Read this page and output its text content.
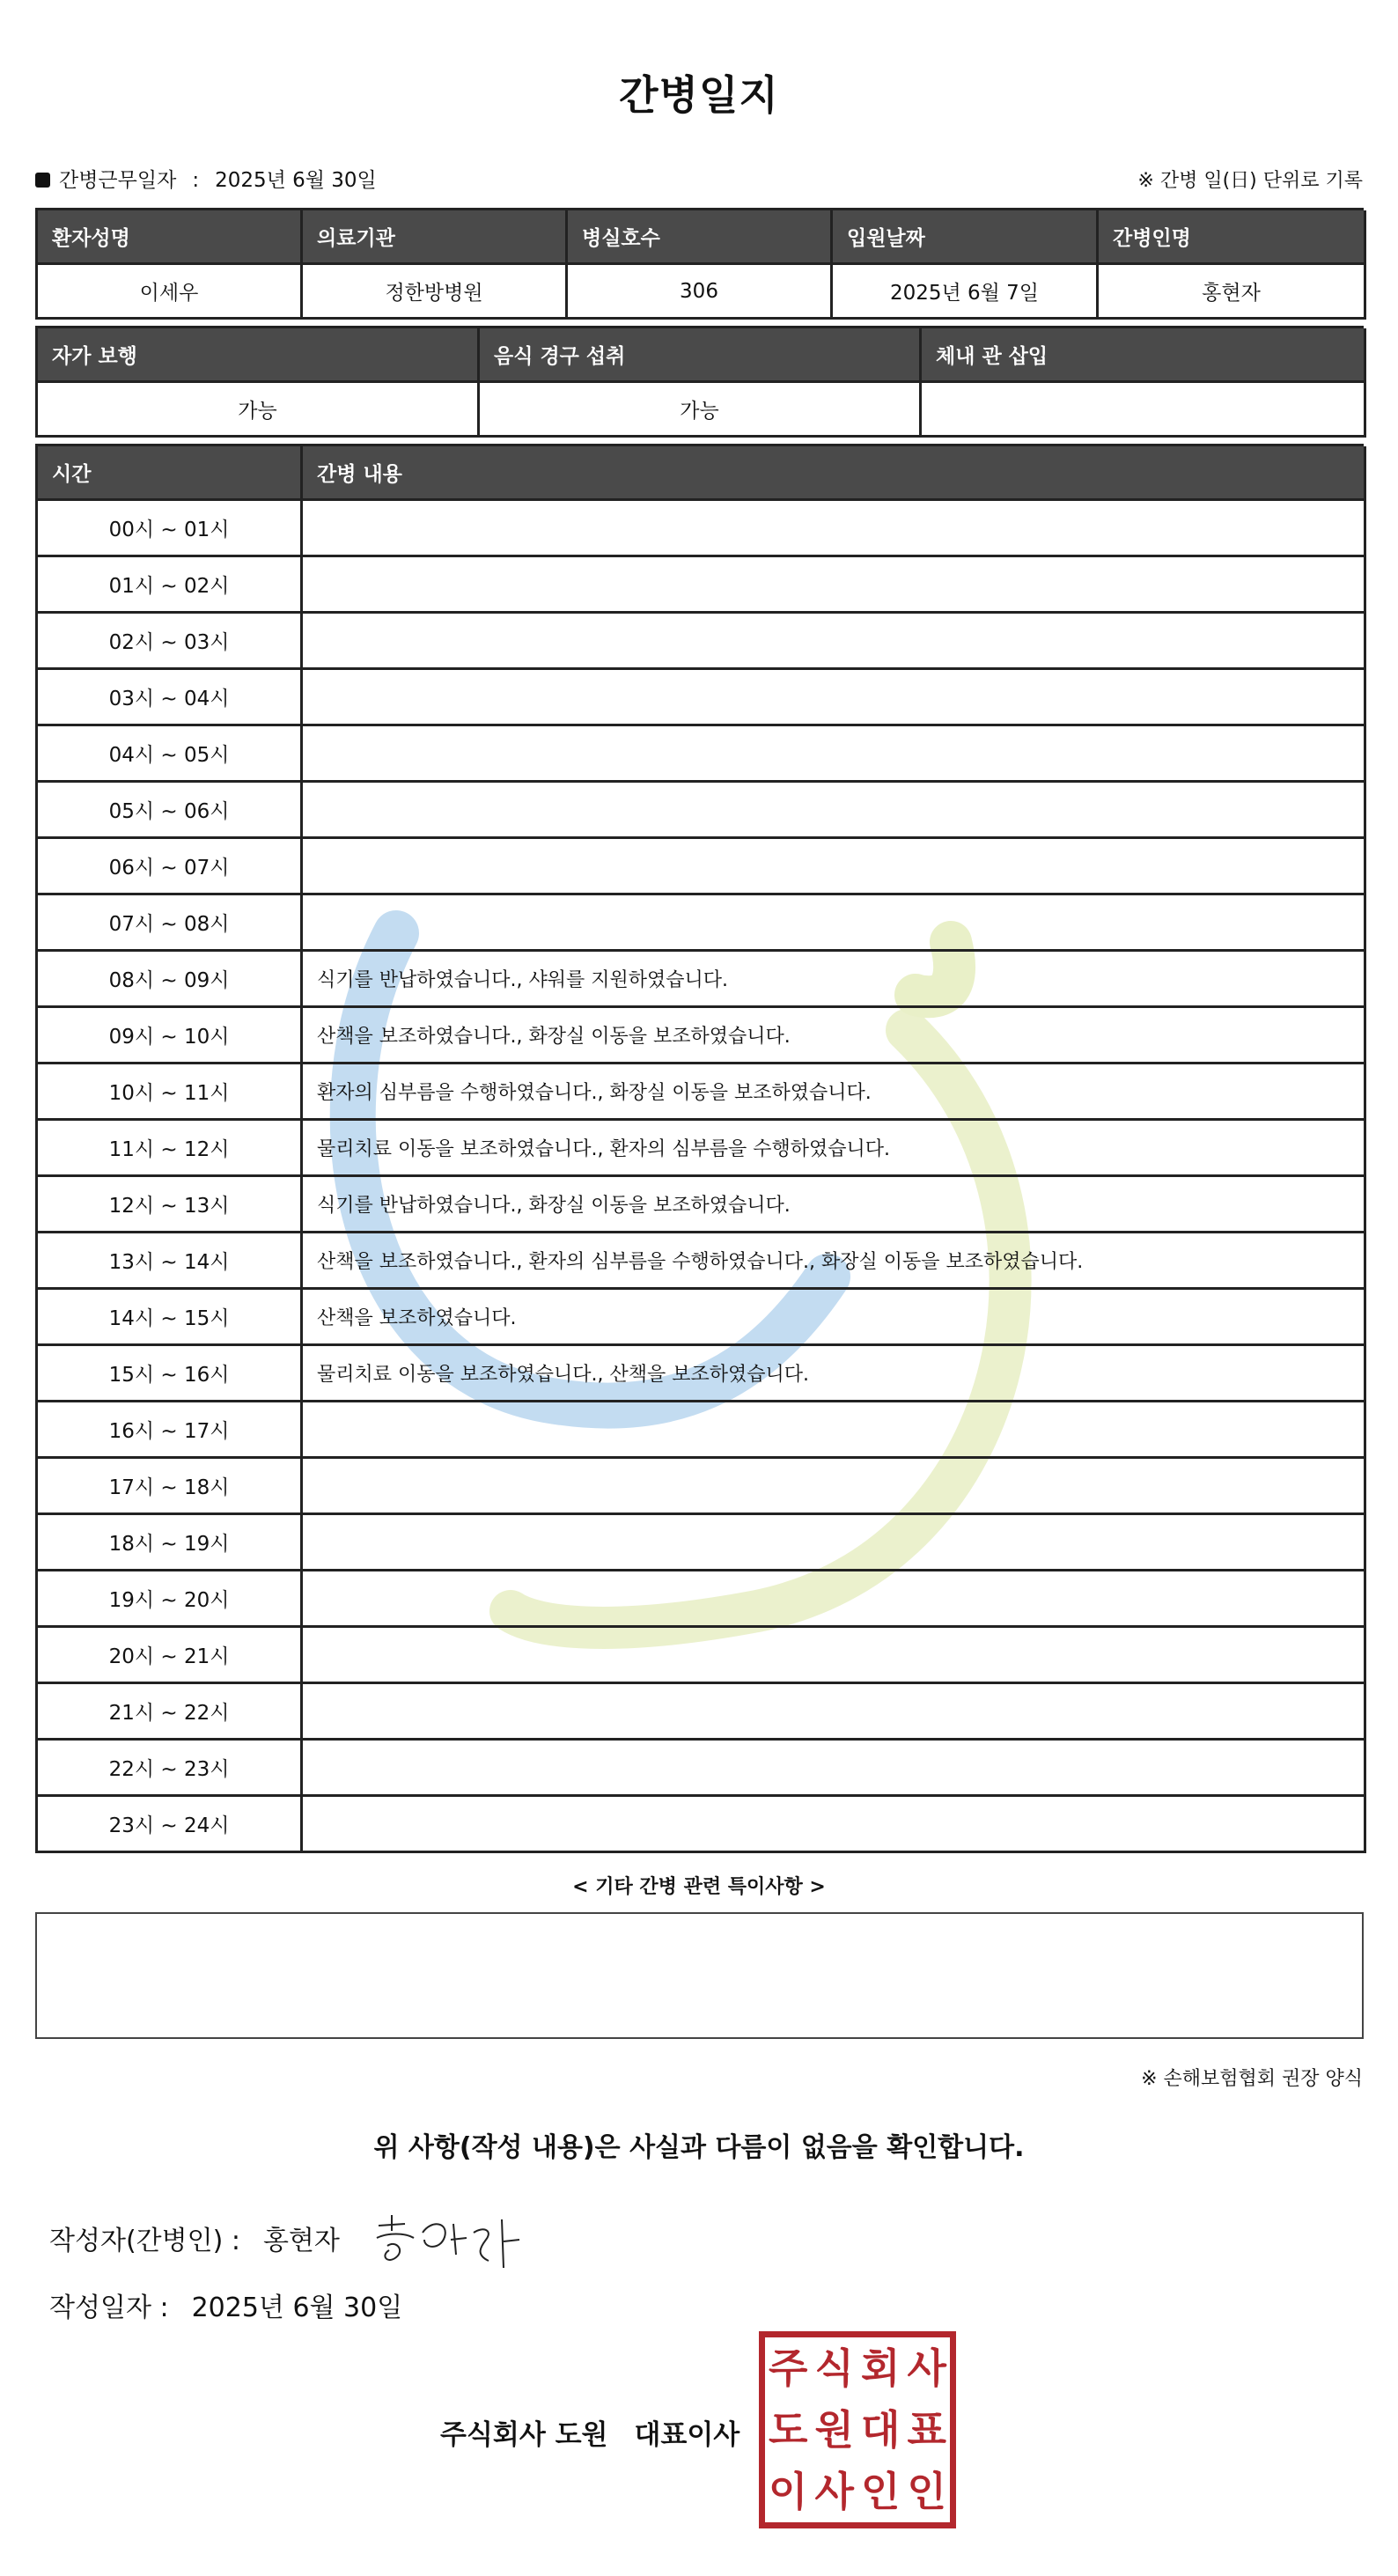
간병일지
간병근무일자 : 2025년 6월 30일	※ 간병 일(日) 단위로 기록
환자성명	의료기관	병실호수	입원날짜	간병인명
이세우	정한방병원	306	2025년 6월 7일	홍현자
자가 보행	음식 경구 섭취	체내 관 삽입
가능	가능
시간	간병 내용
00시 ~ 01시
01시 ~ 02시
02시 ~ 03시
03시 ~ 04시
04시 ~ 05시
05시 ~ 06시
06시 ~ 07시
07시 ~ 08시
08시 ~ 09시	식기를 반납하였습니다., 샤워를 지원하였습니다.
09시 ~ 10시	산책을 보조하였습니다., 화장실 이동을 보조하였습니다.
10시 ~ 11시	환자의 심부름을 수행하였습니다., 화장실 이동을 보조하였습니다.
11시 ~ 12시	물리치료 이동을 보조하였습니다., 환자의 심부름을 수행하였습니다.
12시 ~ 13시	식기를 반납하였습니다., 화장실 이동을 보조하였습니다.
13시 ~ 14시	산책을 보조하였습니다., 환자의 심부름을 수행하였습니다., 화장실 이동을 보조하였습니다.
14시 ~ 15시	산책을 보조하였습니다.
15시 ~ 16시	물리치료 이동을 보조하였습니다., 산책을 보조하였습니다.
16시 ~ 17시
17시 ~ 18시
18시 ~ 19시
19시 ~ 20시
20시 ~ 21시
21시 ~ 22시
22시 ~ 23시
23시 ~ 24시
< 기타 간병 관련 특이사항 >
※ 손해보험협회 권장 양식
위 사항(작성 내용)은 사실과 다름이 없음을 확인합니다.
작성자(간병인) : 홍현자
작성일자 : 2025년 6월 30일
주식회사 도원 대표이사
주 식 회 사
도 원 대 표
이 사 인 인
